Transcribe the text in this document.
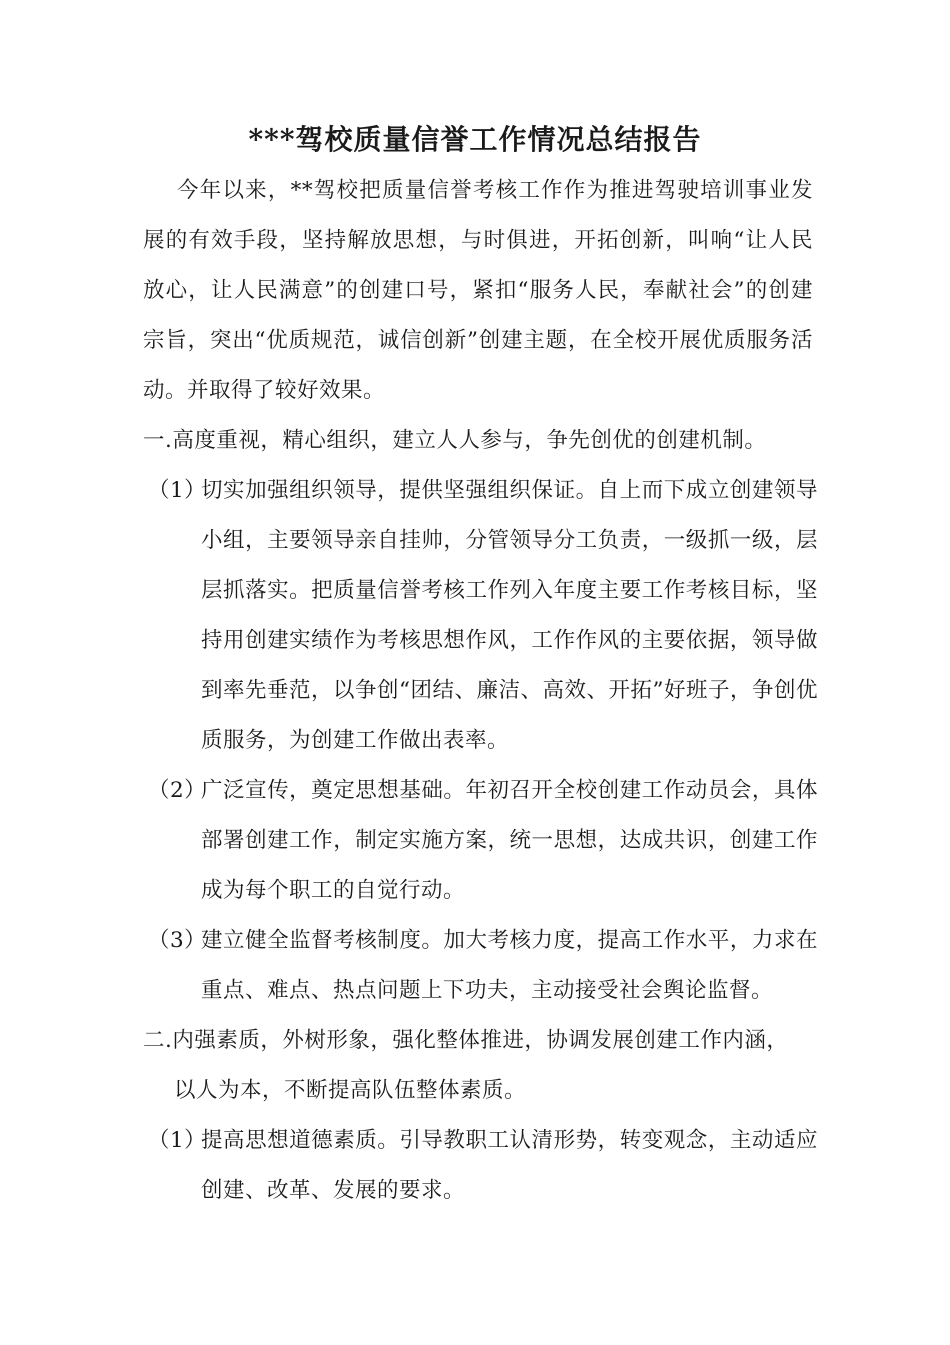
***驾校质量信誉工作情况总结报告
今年以来，**驾校把质量信誉考核工作作为推进驾驶培训事业发展的有效手段，坚持解放思想，与时俱进，开拓创新，叫响“让人民放心，让人民满意”的创建口号，紧扣“服务人民，奉献社会”的创建宗旨，突出“优质规范，诚信创新”创建主题，在全校开展优质服务活动。并取得了较好效果。
一.高度重视，精心组织，建立人人参与，争先创优的创建机制。
（1）
切实加强组织领导，提供坚强组织保证。自上而下成立创建领导小组，主要领导亲自挂帅，分管领导分工负责，一级抓一级，层层抓落实。把质量信誉考核工作列入年度主要工作考核目标，坚持用创建实绩作为考核思想作风，工作作风的主要依据，领导做到率先垂范，以争创“团结、廉洁、高效、开拓”好班子，争创优质服务，为创建工作做出表率。
（2）
广泛宣传，奠定思想基础。年初召开全校创建工作动员会，具体部署创建工作，制定实施方案，统一思想，达成共识，创建工作成为每个职工的自觉行动。
（3）
建立健全监督考核制度。加大考核力度，提高工作水平，力求在重点、难点、热点问题上下功夫，主动接受社会舆论监督。
二.内强素质，外树形象，强化整体推进，协调发展创建工作内涵，
以人为本，不断提高队伍整体素质。
（1）
提高思想道德素质。引导教职工认清形势，转变观念，主动适应创建、改革、发展的要求。
